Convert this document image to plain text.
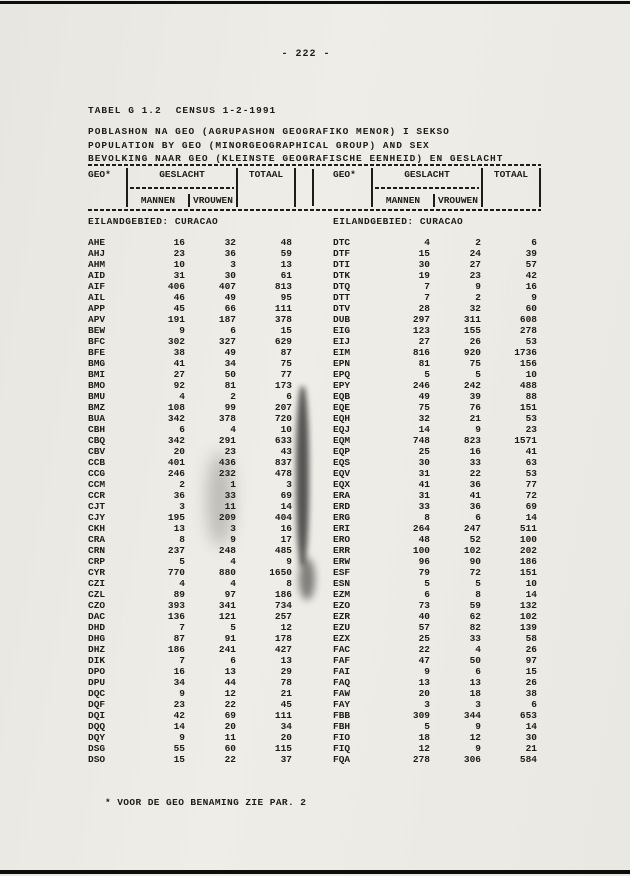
- 222 -
TABEL G 1.2 CENSUS 1-2-1991
POBLASHON NA GEO (AGRUPASHON GEOGRAFIKO MENOR) I SEKSO
POPULATION BY GEO (MINORGEOGRAPHICAL GROUP) AND SEX
BEVOLKING NAAR GEO (KLEINSTE GEOGRAFISCHE EENHEID) EN GESLACHT
GEO*	GESLACHT	TOTAAL
MANNEN	VROUWEN
GEO*	GESLACHT	TOTAAL
MANNEN	VROUWEN
EILANDGEBIED: CURACAO	EILANDGEBIED: CURACAO
AHE	16	32	48
AHJ	23	36	59
AHM	10	3	13
AID	31	30	61
AIF	406	407	813
AIL	46	49	95
APP	45	66	111
APV	191	187	378
BEW	9	6	15
BFC	302	327	629
BFE	38	49	87
BMG	41	34	75
BMI	27	50	77
BMO	92	81	173
BMU	4	2	6
BMZ	108	99	207
BUA	342	378	720
CBH	6	4	10
CBQ	342	291	633
CBV	20	23	43
CCB	401	436	837
CCG	246	232	478
CCM	2	1	3
CCR	36	33	69
CJT	3	11	14
CJY	195	209	404
CKH	13	3	16
CRA	8	9	17
CRN	237	248	485
CRP	5	4	9
CYR	770	880	1650
CZI	4	4	8
CZL	89	97	186
CZO	393	341	734
DAC	136	121	257
DHD	7	5	12
DHG	87	91	178
DHZ	186	241	427
DIK	7	6	13
DPO	16	13	29
DPU	34	44	78
DQC	9	12	21
DQF	23	22	45
DQI	42	69	111
DQQ	14	20	34
DQY	9	11	20
DSG	55	60	115
DSO	15	22	37
DTC	4	2	6
DTF	15	24	39
DTI	30	27	57
DTK	19	23	42
DTQ	7	9	16
DTT	7	2	9
DTV	28	32	60
DUB	297	311	608
EIG	123	155	278
EIJ	27	26	53
EIM	816	920	1736
EPN	81	75	156
EPQ	5	5	10
EPY	246	242	488
EQB	49	39	88
EQE	75	76	151
EQH	32	21	53
EQJ	14	9	23
EQM	748	823	1571
EQP	25	16	41
EQS	30	33	63
EQV	31	22	53
EQX	41	36	77
ERA	31	41	72
ERD	33	36	69
ERG	8	6	14
ERI	264	247	511
ERO	48	52	100
ERR	100	102	202
ERW	96	90	186
ESF	79	72	151
ESN	5	5	10
EZM	6	8	14
EZO	73	59	132
EZR	40	62	102
EZU	57	82	139
EZX	25	33	58
FAC	22	4	26
FAF	47	50	97
FAI	9	6	15
FAQ	13	13	26
FAW	20	18	38
FAY	3	3	6
FBB	309	344	653
FBH	5	9	14
FIO	18	12	30
FIQ	12	9	21
FQA	278	306	584
* VOOR DE GEO BENAMING ZIE PAR. 2
